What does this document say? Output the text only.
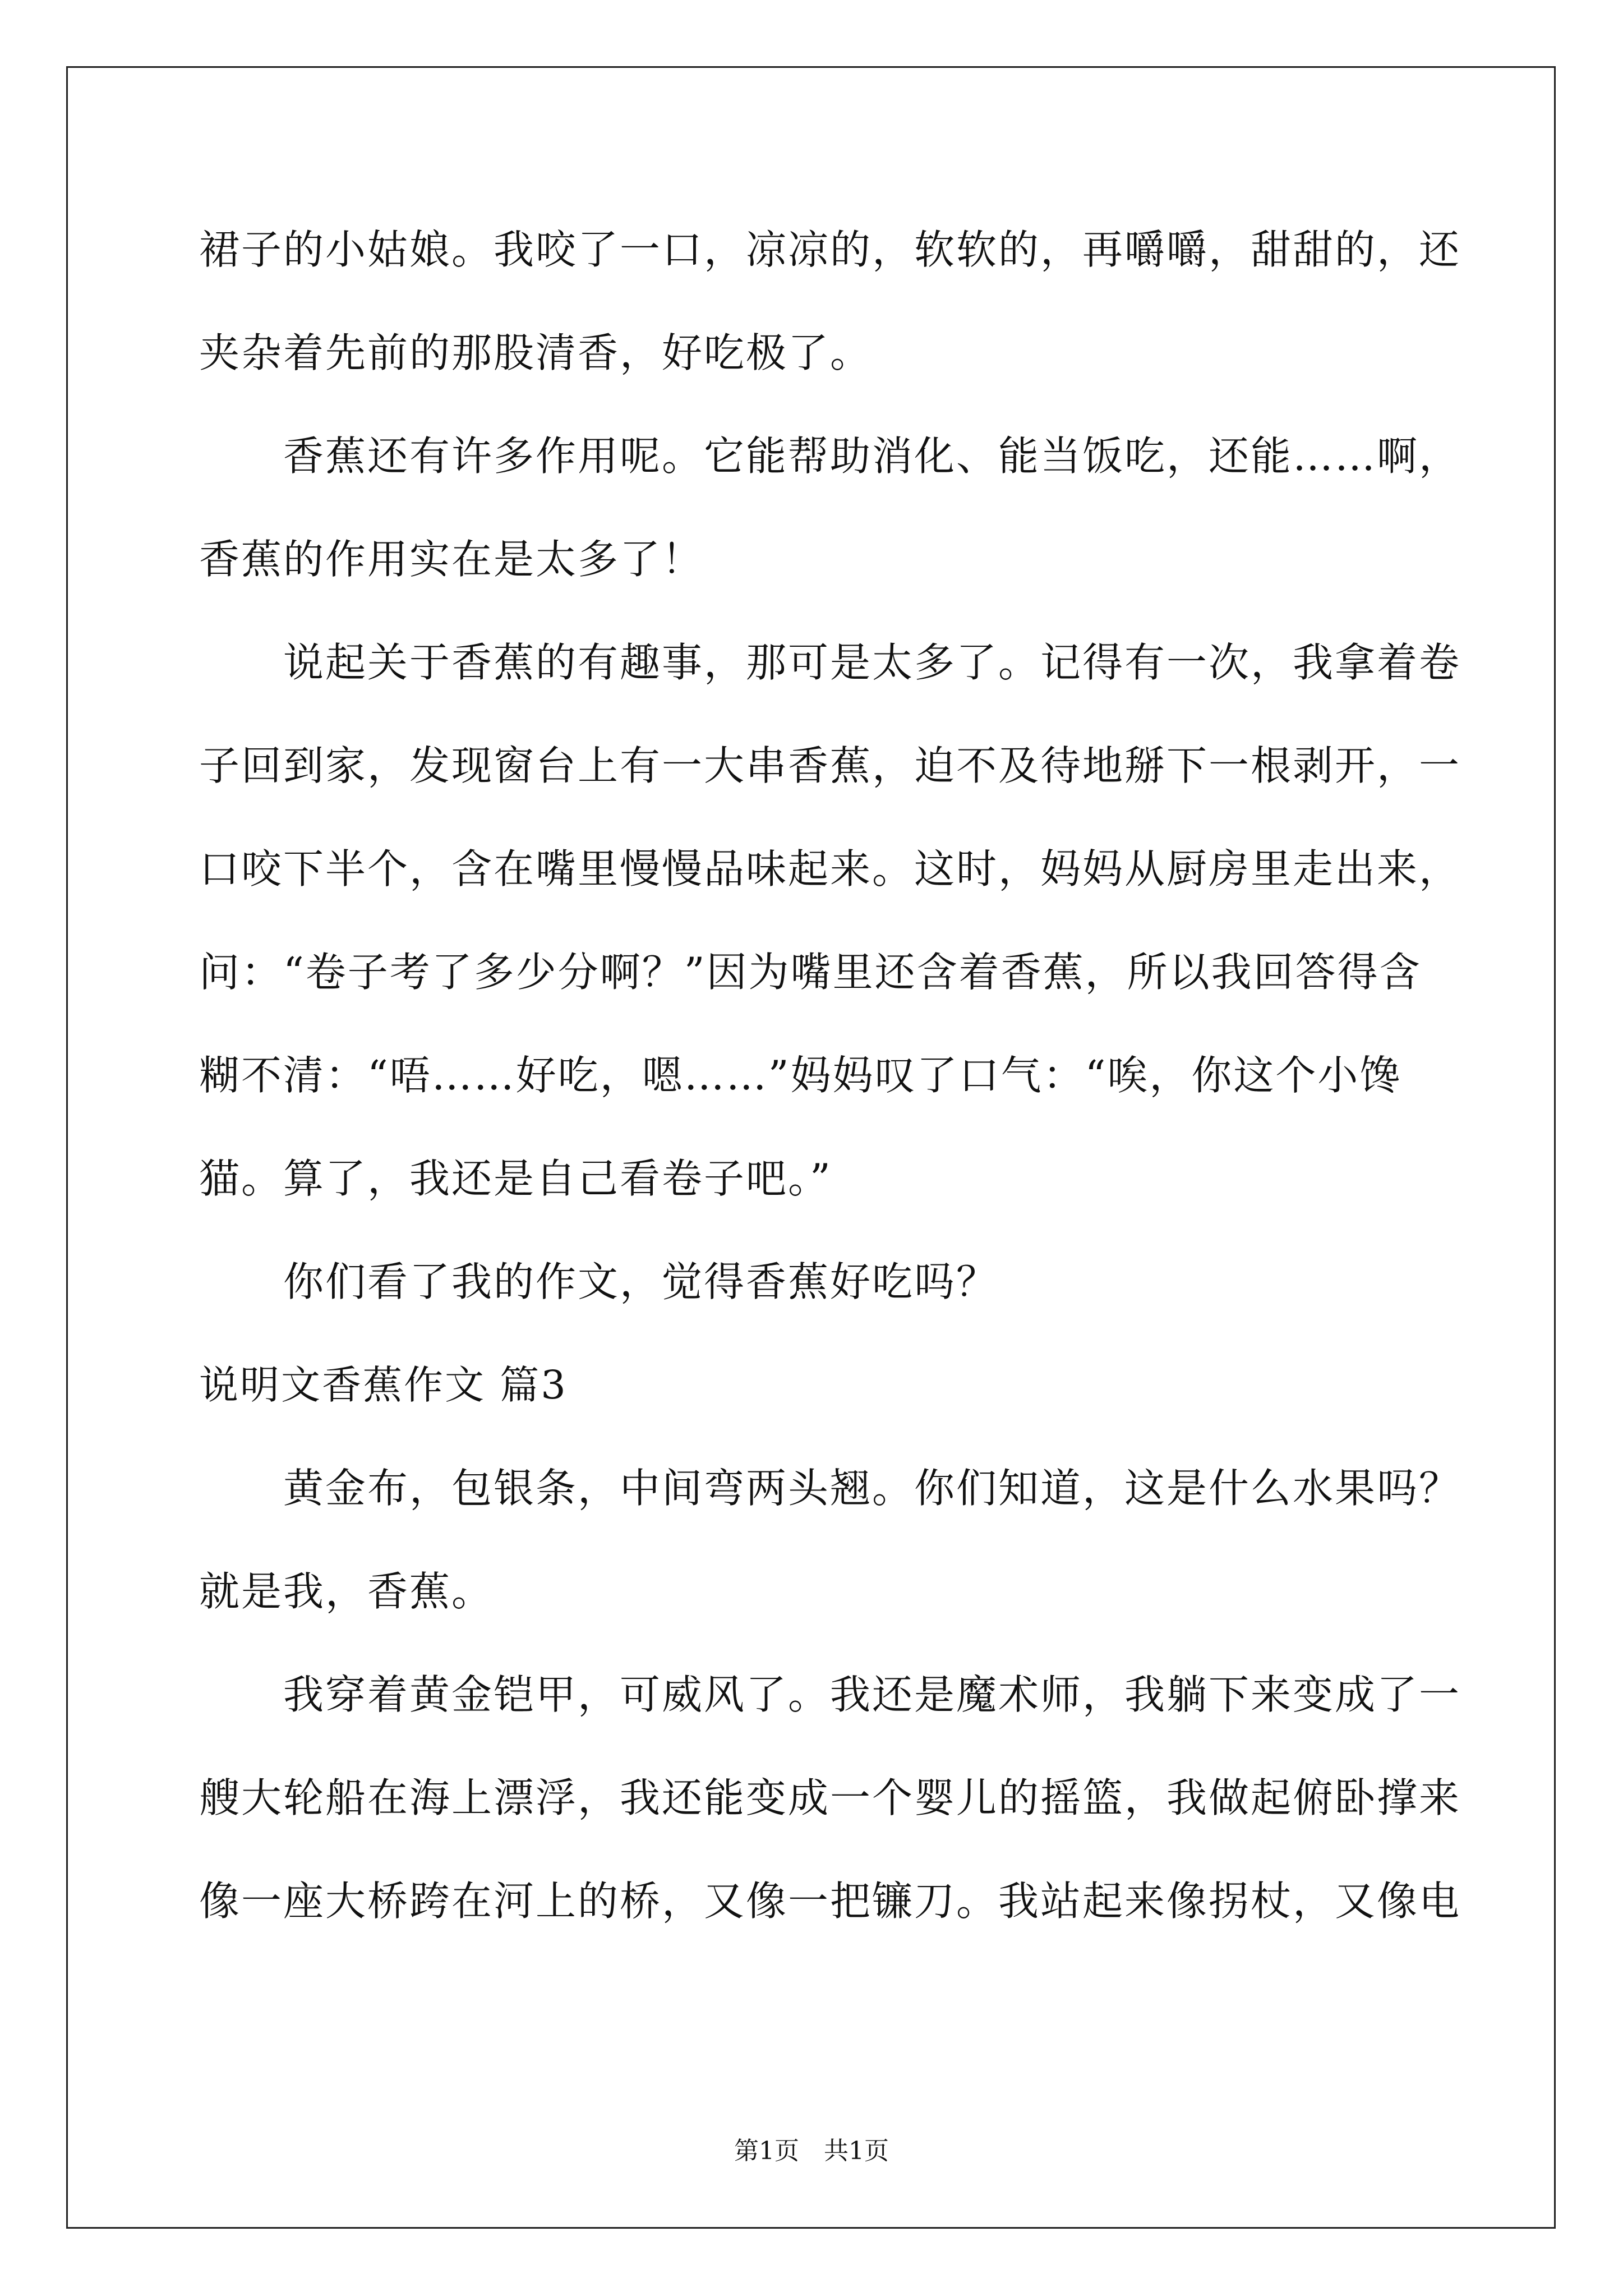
裙子的小姑娘。我咬了一口，凉凉的，软软的，再嚼嚼，甜甜的，还
夹杂着先前的那股清香，好吃极了。
香蕉还有许多作用呢。它能帮助消化、能当饭吃，还能……啊，
香蕉的作用实在是太多了！
说起关于香蕉的有趣事，那可是太多了。记得有一次，我拿着卷
子回到家，发现窗台上有一大串香蕉，迫不及待地掰下一根剥开，一
口咬下半个，含在嘴里慢慢品味起来。这时，妈妈从厨房里走出来，
问：“卷子考了多少分啊？”因为嘴里还含着香蕉，所以我回答得含
糊不清：“唔……好吃，嗯……”妈妈叹了口气：“唉，你这个小馋
猫。算了，我还是自己看卷子吧。”
你们看了我的作文，觉得香蕉好吃吗？
说明文香蕉作文 篇3
黄金布，包银条，中间弯两头翘。你们知道，这是什么水果吗？
就是我，香蕉。
我穿着黄金铠甲，可威风了。我还是魔术师，我躺下来变成了一
艘大轮船在海上漂浮，我还能变成一个婴儿的摇篮，我做起俯卧撑来
像一座大桥跨在河上的桥，又像一把镰刀。我站起来像拐杖，又像电
第1页　共1页
